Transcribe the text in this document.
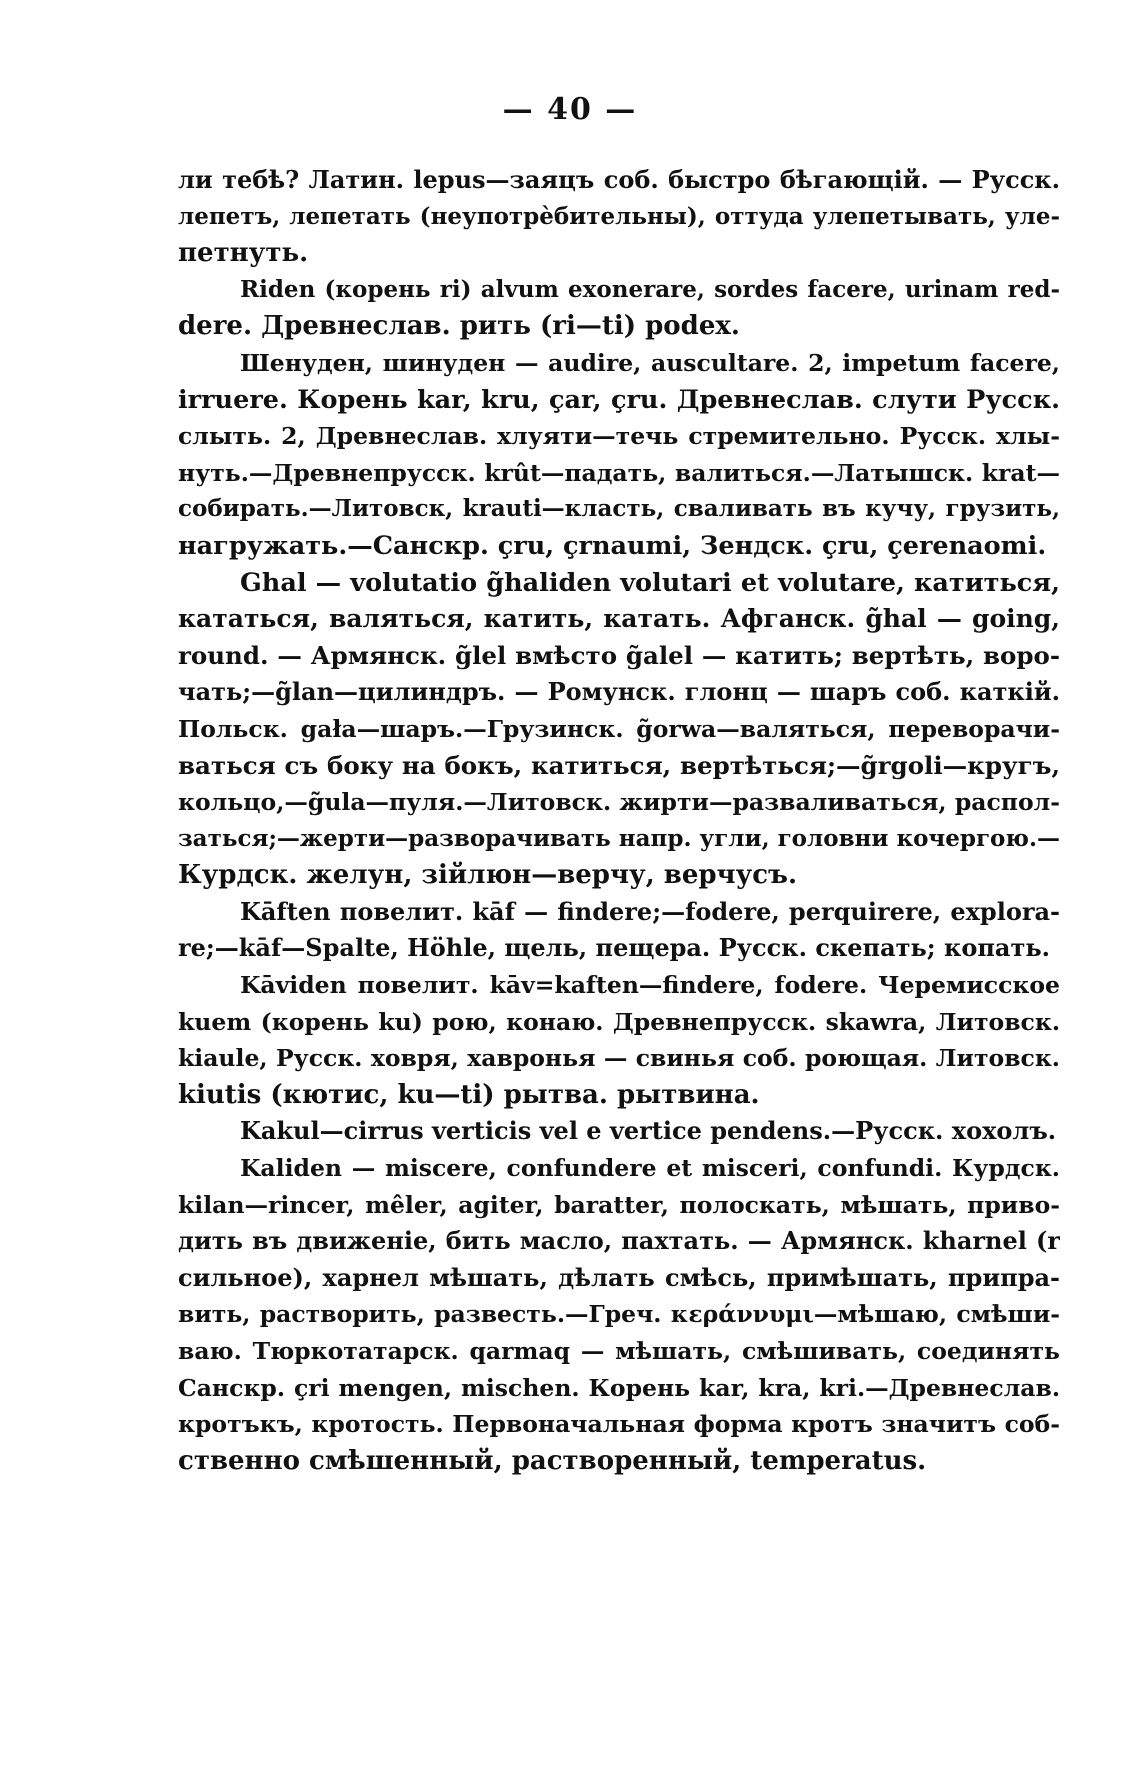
— 40 —
ли тебѣ? Латин. lepus—заяцъ соб. быстро бѣгающій. — Русск.
лепетъ, лепетать (неупотрѐбительны), оттуда улепетывать, уле-
петнуть.
Riden (корень ri) alvum exonerare, sordes facere, urinam red-
dere. Древнеслав. рить (ri—ti) podex.
Шенуден, шинуден — audire, auscultare. 2, impetum facere,
irruere. Корень kar, kru, ҫar, ҫru. Древнеслав. слути Русск.
слыть. 2, Древнеслав. хлуяти—течь стремительно. Русск. хлы-
нуть.—Древнепрусск. krût—падать, валиться.—Латышск. krat—
собирать.—Литовск, krauti—класть, сваливать въ кучу, грузить,
нагружать.—Санскр. ҫru, ҫrnaumi, Зендск. ҫru, ҫerenaomi.
Ghal — volutatio g̃haliden volutari et volutare, катиться,
кататься, валяться, катить, катать. Афганск. g̃hal — going,
round. — Армянск. g̃lel вмѣсто g̃alel — катить; вертѣть, воро-
чать;—g̃lan—цилиндръ. — Ромунск. глонц — шаръ соб. каткій.
Польск. gała—шаръ.—Грузинск. g̃orwa—валяться, переворачи-
ваться съ боку на бокъ, катиться, вертѣться;—g̃rgoli—кругъ,
кольцо,—g̃ula—пуля.—Литовск. жирти—разваливаться, распол-
заться;—жерти—разворачивать напр. угли, головни кочергою.—
Курдск. желун, зійлюн—верчу, верчусъ.
Kāften повелит. kāf — findere;—fodere, perquirere, explora-
re;—kāf—Spalte, Höhle, щель, пещера. Русск. скепать; копать.
Kāviden повелит. kāv=kaften—findere, fodere. Черемисское
kuem (корень ku) рою, конаю. Древнепрусск. skawra, Литовск.
kiaule, Русск. ховря, хавронья — свинья соб. роющая. Литовск.
kiutis (кютис, ku—ti) рытва. рытвина.
Kakul—cirrus verticis vel e vertice pendens.—Русск. хохолъ.
Kaliden — miscere, confundere et misceri, confundi. Курдск.
kilan—rincer, mêler, agiter, baratter, полоскать, мѣшать, приво-
дить въ движеніе, бить масло, пахтать. — Армянск. kharnel (r
сильное), харнел мѣшать, дѣлать смѣсь, примѣшать, припра-
вить, растворить, развесть.—Греч. κεράννυμι—мѣшаю, смѣши-
ваю. Тюркотатарск. qarmaq — мѣшать, смѣшивать, соединять
Санскр. ҫri mengen, mischen. Корень kar, kra, kri.—Древнеслав.
кротъкъ, кротость. Первоначальная форма кротъ значитъ соб-
ственно смѣшенный, растворенный, temperatus.
